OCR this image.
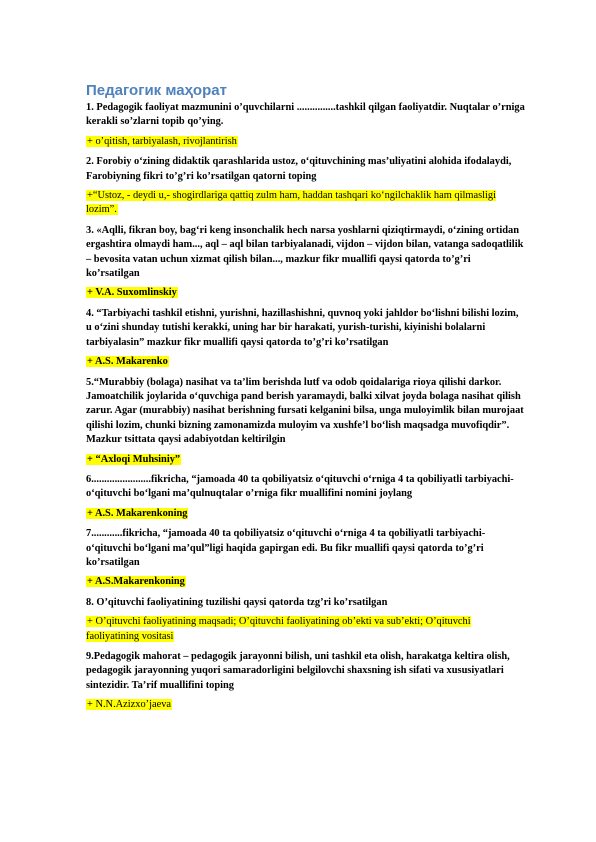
Педагогик маҳорат
1. Pedagogik faoliyat mazmunini o’quvchilarni ...............tashkil qilgan faoliyatdir. Nuqtalar o’rniga kerakli so’zlarni topib qo’ying.
+ o’qitish, tarbiyalash, rivojlantirish
2. Forobiy o‘zining didaktik qarashlarida ustoz, o‘qituvchining mas’uliyatini alohida ifodalaydi, Farobiyning fikri to’g’ri ko’rsatilgan qatorni toping
+“Ustoz, - deydi u,- shogirdlariga qattiq zulm ham, haddan tashqari ko‘ngilchaklik ham qilmasligi lozim”.
3. «Aqlli, fikran boy, bag‘ri keng insonchalik hech narsa yoshlarni qiziqtirmaydi, o‘zining ortidan ergashtira olmaydi ham..., aql – aql bilan tarbiyalanadi, vijdon – vijdon bilan, vatanga sadoqatlilik – bevosita vatan uchun xizmat qilish bilan..., mazkur fikr muallifi qaysi qatorda to’g’ri ko’rsatilgan
+ V.A. Suxomlinskiy
4. “Tarbiyachi tashkil etishni, yurishni, hazillashishni, quvnoq yoki jahldor bo‘lishni bilishi lozim, u o‘zini shunday tutishi kerakki, uning har bir harakati, yurish-turishi, kiyinishi bolalarni tarbiyalasin” mazkur fikr muallifi qaysi qatorda to’g’ri ko’rsatilgan
+ A.S. Makarenko
5.“Murabbiy (bolaga) nasihat va ta’lim berishda lutf va odob qoidalariga rioya qilishi darkor. Jamoatchilik joylarida o‘quvchiga pand berish yaramaydi, balki xilvat joyda bolaga nasihat qilish zarur. Agar (murabbiy) nasihat berishning fursati kelganini bilsa, unga muloyimlik bilan murojaat qilishi lozim, chunki bizning zamonamizda muloyim va xushfe’l bo‘lish maqsadga muvofiqdir”. Mazkur tsittata qaysi adabiyotdan keltirilgin
+ “Axloqi Muhsiniy”
6.......................fikricha, “jamoada 40 ta qobiliyatsiz o‘qituvchi o‘rniga 4 ta qobiliyatli tarbiyachi-o‘qituvchi bo‘lgani ma’qulnuqtalar o’rniga fikr muallifini nomini joylang
+ A.S. Makarenkoning
7............fikricha, “jamoada 40 ta qobiliyatsiz o‘qituvchi o‘rniga 4 ta qobiliyatli tarbiyachi-o‘qituvchi bo‘lgani ma’qul”ligi haqida gapirgan edi. Bu fikr muallifi qaysi qatorda to’g’ri ko’rsatilgan
+ A.S.Makarenkoning
8. O’qituvchi faoliyatining tuzilishi qaysi qatorda tzg’ri ko’rsatilgan
+ O’qituvchi faoliyatining maqsadi; O’qituvchi faoliyatining ob’ekti va sub’ekti; O’qituvchi faoliyatining vositasi
9.Pedagogik mahorat – pedagogik jarayonni bilish, uni tashkil eta olish, harakatga keltira olish, pedagogik jarayonning yuqori samaradorligini belgilovchi shaxsning ish sifati va xususiyatlari sintezidir. Ta’rif muallifini toping
+ N.N.Azizxo’jaeva
